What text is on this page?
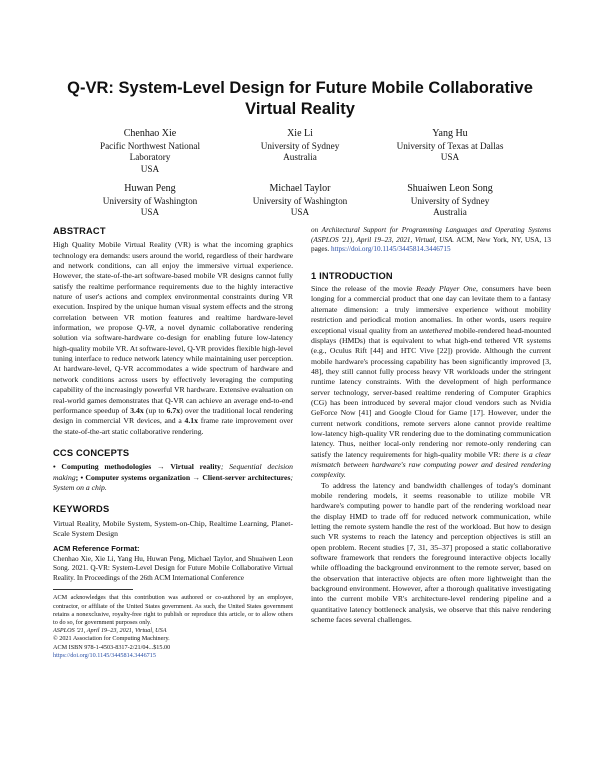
Q-VR: System-Level Design for Future Mobile Collaborative
Virtual Reality
Chenhao Xie
Pacific Northwest National
Laboratory
USA
Xie Li
University of Sydney
Australia
Yang Hu
University of Texas at Dallas
USA
Huwan Peng
University of Washington
USA
Michael Taylor
University of Washington
USA
Shuaiwen Leon Song
University of Sydney
Australia
ABSTRACT

High Quality Mobile Virtual Reality (VR) is what the incoming graphics technology era demands: users around the world, regardless of their hardware and network conditions, can all enjoy the immersive virtual experience. However, the state-of-the-art software-based mobile VR designs cannot fully satisfy the realtime performance requirements due to the highly interactive nature of user's actions and complex environmental constraints during VR execution. Inspired by the unique human visual system effects and the strong correlation between VR motion features and realtime hardware-level information, we propose Q-VR, a novel dynamic collaborative rendering solution via software-hardware co-design for enabling future low-latency high-quality mobile VR. At software-level, Q-VR provides flexible high-level tuning interface to reduce network latency while maintaining user perception. At hardware-level, Q-VR accommodates a wide spectrum of hardware and network conditions across users by effectively leveraging the computing capability of the increasingly powerful VR hardware. Extensive evaluation on real-world games demonstrates that Q-VR can achieve an average end-to-end performance speedup of 3.4x (up to 6.7x) over the traditional local rendering design in commercial VR devices, and a 4.1x frame rate improvement over the state-of-the-art static collaborative rendering.

CCS CONCEPTS

• Computing methodologies → Virtual reality; Sequential decision making; • Computer systems organization → Client-server architectures; System on a chip.

KEYWORDS

Virtual Reality, Mobile System, System-on-Chip, Realtime Learning, Planet-Scale System Design

ACM Reference Format:

Chenhao Xie, Xie Li, Yang Hu, Huwan Peng, Michael Taylor, and Shuaiwen Leon Song. 2021. Q-VR: System-Level Design for Future Mobile Collaborative Virtual Reality. In Proceedings of the 26th ACM International Conference

ACM acknowledges that this contribution was authored or co-authored by an employee, contractor, or affiliate of the United States government. As such, the United States government retains a nonexclusive, royalty-free right to publish or reproduce this article, or to allow others to do so, for government purposes only.

ASPLOS '21, April 19–23, 2021, Virtual, USA

© 2021 Association for Computing Machinery.

ACM ISBN 978-1-4503-8317-2/21/04...$15.00

https://doi.org/10.1145/3445814.3446715

on Architectural Support for Programming Languages and Operating Systems (ASPLOS '21), April 19–23, 2021, Virtual, USA. ACM, New York, NY, USA, 13 pages. https://doi.org/10.1145/3445814.3446715

1 INTRODUCTION

Since the release of the movie Ready Player One, consumers have been longing for a commercial product that one day can levitate them to a fantasy alternate dimension: a truly immersive experience without mobility restriction and periodical motion anomalies. In other words, users require exceptional visual quality from an untethered mobile-rendered head-mounted displays (HMDs) that is equivalent to what high-end tethered VR systems (e.g., Oculus Rift [44] and HTC Vive [22]) provide. Although the current mobile hardware's processing capability has been significantly improved [3, 48], they still cannot fully process heavy VR workloads under the stringent runtime latency constraints. With the development of high performance server technology, server-based realtime rendering of Computer Graphics (CG) has been introduced by several major cloud vendors such as Nvidia GeForce Now [41] and Google Cloud for Game [17]. However, under the current network conditions, remote servers alone cannot provide realtime low-latency high-quality VR rendering due to the dominating communication latency. Thus, neither local-only rendering nor remote-only rendering can satisfy the latency requirements for high-quality mobile VR: there is a clear mismatch between hardware's raw computing power and desired rendering complexity.

To address the latency and bandwidth challenges of today's dominant mobile rendering models, it seems reasonable to utilize mobile VR hardware's computing power to handle part of the rendering workload near the display HMD to trade off for reduced network communication, while letting the remote system handle the rest of the workload. But how to design such VR systems to reach the latency and perception objectives is still an open problem. Recent studies [7, 31, 35–37] proposed a static collaborative software framework that renders the foreground interactive objects locally while offloading the background environment to the remote server, based on the observation that interactive objects are often more lightweight than the background environment. However, after a thorough qualitative investigating into the current mobile VR's architecture-level rendering pipeline and a quantitative latency bottleneck analysis, we observe that this naive rendering scheme faces several challenges.
